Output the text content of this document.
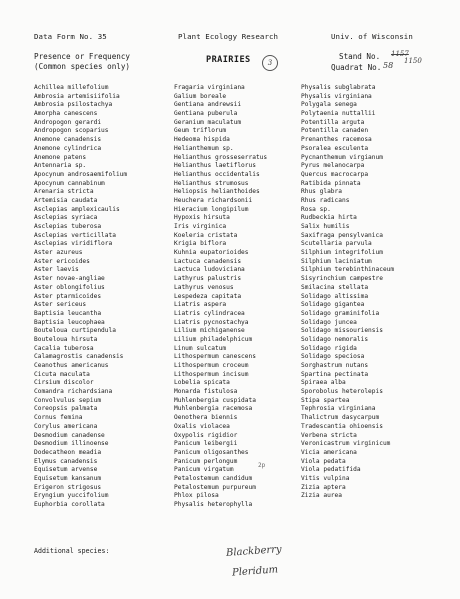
Data Form No. 35	Plant Ecology Research	Univ. of Wisconsin
Presence or Frequency
(Common species only)
PRAIRIES	3
Stand No. 1157
Quadrat No. 58 1150
Achillea millefolium
Ambrosia artemisiifolia
Ambrosia psilostachya
Amorpha canescens
Andropogon gerardi
Andropogon scoparius
Anemone canadensis
Anemone cylindrica
Anemone patens
Antennaria sp.
Apocynum androsaemifolium
Apocynum cannabinum
Arenaria stricta
Artemisia caudata
Asclepias amplexicaulis
Asclepias syriaca
Asclepias tuberosa
Asclepias verticillata
Asclepias viridiflora
Aster azureus
Aster ericoides
Aster laevis
Aster novae-angliae
Aster oblongifolius
Aster ptarmicoides
Aster sericeus
Baptisia leucantha
Baptisia leucophaea
Bouteloua curtipendula
Bouteloua hirsuta
Cacalia tuberosa
Calamagrostis canadensis
Ceanothus americanus
Cicuta maculata
Cirsium discolor
Comandra richardsiana
Convolvulus sepium
Coreopsis palmata
Cornus femina
Corylus americana
Desmodium canadense
Desmodium illinoense
Dodecatheon meadia
Elymus canadensis
Equisetum arvense
Equisetum kansanum
Erigeron strigosus
Eryngium yuccifolium
Euphorbia corollata
Fragaria virginiana
Galium boreale
Gentiana andrewsii
Gentiana puberula
Geranium maculatum
Geum triflorum
Hedeoma hispida
Helianthemum sp.
Helianthus grosseserratus
Helianthus laetiflorus
Helianthus occidentalis
Helianthus strumosus
Heliopsis helianthoides
Heuchera richardsonii
Hieracium longipilum
Hypoxis hirsuta
Iris virginica
Koeleria cristata
Krigia biflora
Kuhnia eupatorioides
Lactuca canadensis
Lactuca ludoviciana
Lathyrus palustris
Lathyrus venosus
Lespedeza capitata
Liatris aspera
Liatris cylindracea
Liatris pycnostachya
Lilium michiganense
Lilium philadelphicum
Linum sulcatum
Lithospermum canescens
Lithospermum croceum
Lithospermum incisum
Lobelia spicata
Monarda fistulosa
Muhlenbergia cuspidata
Muhlenbergia racemosa
Oenothera biennis
Oxalis violacea
Oxypolis rigidior
Panicum leibergii
Panicum oligosanthes
Panicum perlongum
Panicum virgatum
Petalostemum candidum
Petalostemum purpureum
Phlox pilosa
Physalis heterophylla
Physalis subglabrata
Physalis virginiana
Polygala senega
Polytaenia nuttallii
Potentilla arguta
Potentilla canaden
Prenanthes racemosa
Psoralea esculenta
Pycnanthemum virgianum
Pyrus melanocarpa
Quercus macrocarpa
Ratibida pinnata
Rhus glabra
Rhus radicans
Rosa sp.
Rudbeckia hirta
Salix humilis
Saxifraga pensylvanica
Scutellaria parvula
Silphium integrifolium
Silphium laciniatum
Silphium terebinthinaceum
Sisyrinchium campestre
Smilacina stellata
Solidago altissima
Solidago gigantea
Solidago graminifolia
Solidago juncea
Solidago missouriensis
Solidago nemoralis
Solidago rigida
Solidago speciosa
Sorghastrum nutans
Spartina pectinata
Spiraea alba
Sporobolus heterolepis
Stipa spartea
Tephrosia virginiana
Thalictrum dasycarpum
Tradescantia ohioensis
Verbena stricta
Veronicastrum virginicum
Vicia americana
Viola pedata
Viola pedatifida
Vitis vulpina
Zizia aptera
Zizia aurea
2p
Additional species:	Blackberry
Pleridum
